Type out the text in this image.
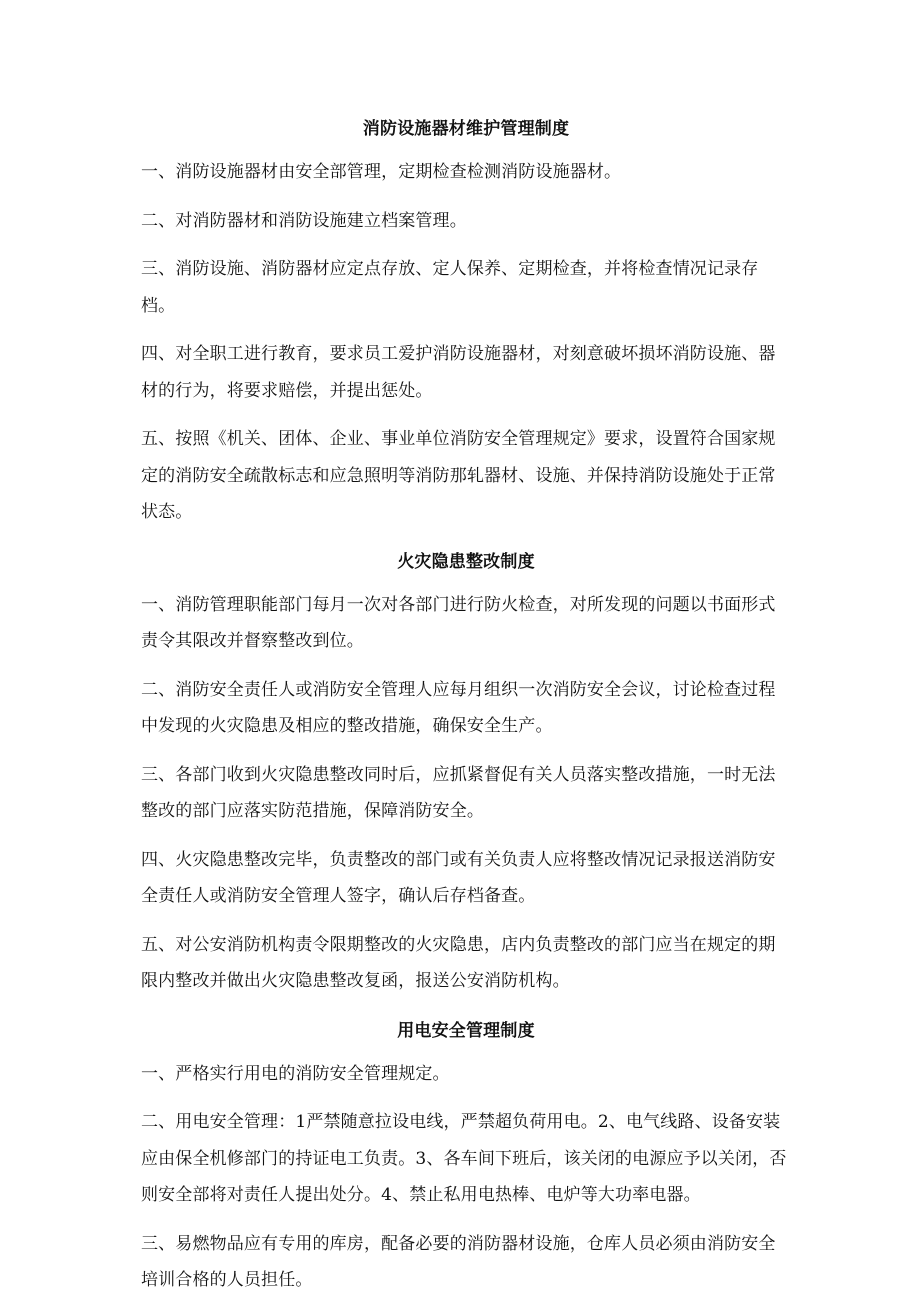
消防设施器材维护管理制度

一、消防设施器材由安全部管理，定期检查检测消防设施器材。

二、对消防器材和消防设施建立档案管理。

三、消防设施、消防器材应定点存放、定人保养、定期检查，并将检查情况记录存档。

四、对全职工进行教育，要求员工爱护消防设施器材，对刻意破坏损坏消防设施、器材的行为，将要求赔偿，并提出惩处。

五、按照《机关、团体、企业、事业单位消防安全管理规定》要求，设置符合国家规定的消防安全疏散标志和应急照明等消防那轧器材、设施、并保持消防设施处于正常状态。

火灾隐患整改制度

一、消防管理职能部门每月一次对各部门进行防火检查，对所发现的问题以书面形式责令其限改并督察整改到位。

二、消防安全责任人或消防安全管理人应每月组织一次消防安全会议，讨论检查过程中发现的火灾隐患及相应的整改措施，确保安全生产。

三、各部门收到火灾隐患整改同时后，应抓紧督促有关人员落实整改措施，一时无法整改的部门应落实防范措施，保障消防安全。

四、火灾隐患整改完毕，负责整改的部门或有关负责人应将整改情况记录报送消防安全责任人或消防安全管理人签字，确认后存档备查。

五、对公安消防机构责令限期整改的火灾隐患，店内负责整改的部门应当在规定的期限内整改并做出火灾隐患整改复函，报送公安消防机构。

用电安全管理制度

一、严格实行用电的消防安全管理规定。

二、用电安全管理：1严禁随意拉设电线，严禁超负荷用电。2、电气线路、设备安装应由保全机修部门的持证电工负责。3、各车间下班后，该关闭的电源应予以关闭，否则安全部将对责任人提出处分。4、禁止私用电热棒、电炉等大功率电器。

三、易燃物品应有专用的库房，配备必要的消防器材设施，仓库人员必须由消防安全培训合格的人员担任。
